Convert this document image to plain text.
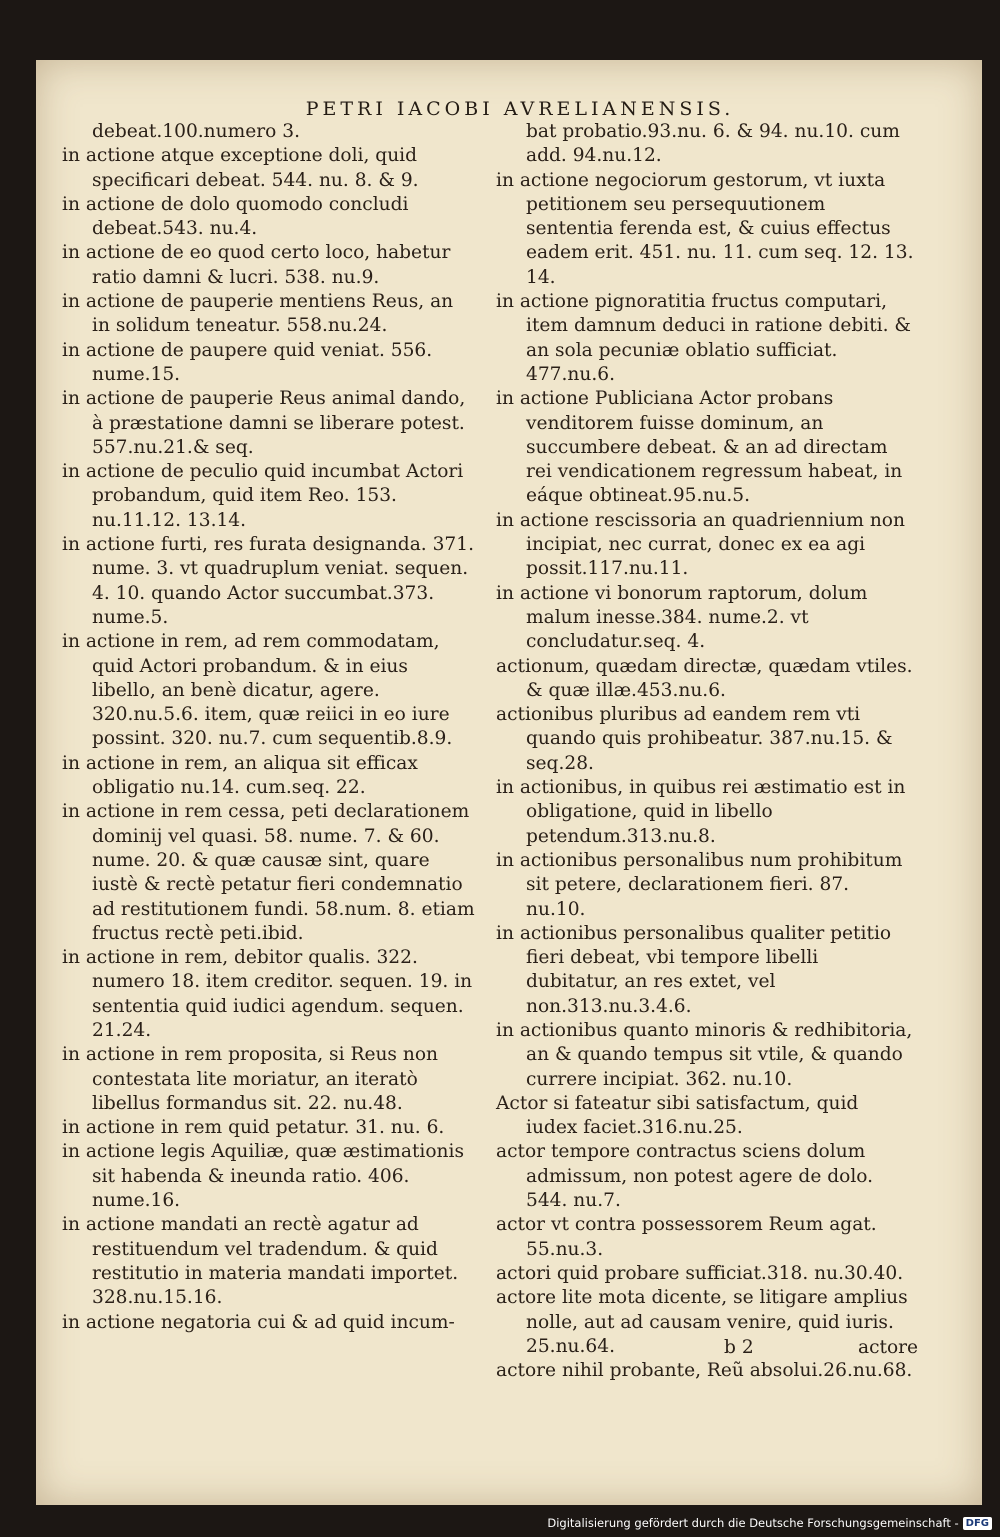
PETRI IACOBI AVRELIANENSIS.
debeat.100.numero 3.
in actione atque exceptione doli, quid specificari debeat. 544. nu. 8. & 9.
in actione de dolo quomodo concludi debeat.543. nu.4.
in actione de eo quod certo loco, habetur ratio damni & lucri. 538. nu.9.
in actione de pauperie mentiens Reus, an in solidum teneatur. 558.nu.24.
in actione de paupere quid veniat. 556. nume.15.
in actione de pauperie Reus animal dando, à præstatione damni se liberare potest. 557.nu.21.& seq.
in actione de peculio quid incumbat Actori probandum, quid item Reo. 153. nu.11.12. 13.14.
in actione furti, res furata designanda. 371. nume. 3. vt quadruplum veniat. sequen. 4. 10. quando Actor succumbat.373. nume.5.
in actione in rem, ad rem commodatam, quid Actori probandum. & in eius libello, an benè dicatur, agere. 320.nu.5.6. item, quæ reiici in eo iure possint. 320. nu.7. cum sequentib.8.9.
in actione in rem, an aliqua sit efficax obligatio nu.14. cum.seq. 22.
in actione in rem cessa, peti declarationem dominij vel quasi. 58. nume. 7. & 60. nume. 20. & quæ causæ sint, quare iustè & rectè petatur fieri condemnatio ad restitutionem fundi. 58.num. 8. etiam fructus rectè peti.ibid.
in actione in rem, debitor qualis. 322. numero 18. item creditor. sequen. 19. in sententia quid iudici agendum. sequen. 21.24.
in actione in rem proposita, si Reus non contestata lite moriatur, an iteratò libellus formandus sit. 22. nu.48.
in actione in rem quid petatur. 31. nu. 6.
in actione legis Aquiliæ, quæ æstimationis sit habenda & ineunda ratio. 406. nume.16.
in actione mandati an rectè agatur ad restituendum vel tradendum. & quid restitutio in materia mandati importet. 328.nu.15.16.
in actione negatoria cui & ad quid incum-
bat probatio.93.nu. 6. & 94. nu.10. cum add. 94.nu.12.
in actione negociorum gestorum, vt iuxta petitionem seu persequutionem sententia ferenda est, & cuius effectus eadem erit. 451. nu. 11. cum seq. 12. 13. 14.
in actione pignoratitia fructus computari, item damnum deduci in ratione debiti. & an sola pecuniæ oblatio sufficiat. 477.nu.6.
in actione Publiciana Actor probans venditorem fuisse dominum, an succumbere debeat. & an ad directam rei vendicationem regressum habeat, in eáque obtineat.95.nu.5.
in actione rescissoria an quadriennium non incipiat, nec currat, donec ex ea agi possit.117.nu.11.
in actione vi bonorum raptorum, dolum malum inesse.384. nume.2. vt concludatur.seq. 4.
actionum, quædam directæ, quædam vtiles. & quæ illæ.453.nu.6.
actionibus pluribus ad eandem rem vti quando quis prohibeatur. 387.nu.15. & seq.28.
in actionibus, in quibus rei æstimatio est in obligatione, quid in libello petendum.313.nu.8.
in actionibus personalibus num prohibitum sit petere, declarationem fieri. 87. nu.10.
in actionibus personalibus qualiter petitio fieri debeat, vbi tempore libelli dubitatur, an res extet, vel non.313.nu.3.4.6.
in actionibus quanto minoris & redhibitoria, an & quando tempus sit vtile, & quando currere incipiat. 362. nu.10.
Actor si fateatur sibi satisfactum, quid iudex faciet.316.nu.25.
actor tempore contractus sciens dolum admissum, non potest agere de dolo. 544. nu.7.
actor vt contra possessorem Reum agat. 55.nu.3.
actori quid probare sufficiat.318. nu.30.40.
actore lite mota dicente, se litigare amplius nolle, aut ad causam venire, quid iuris. 25.nu.64.
actore nihil probante, Reũ absolui.26.nu.68.
b 2	actore
Digitalisierung gefördert durch die Deutsche Forschungsgemeinschaft - DFG
